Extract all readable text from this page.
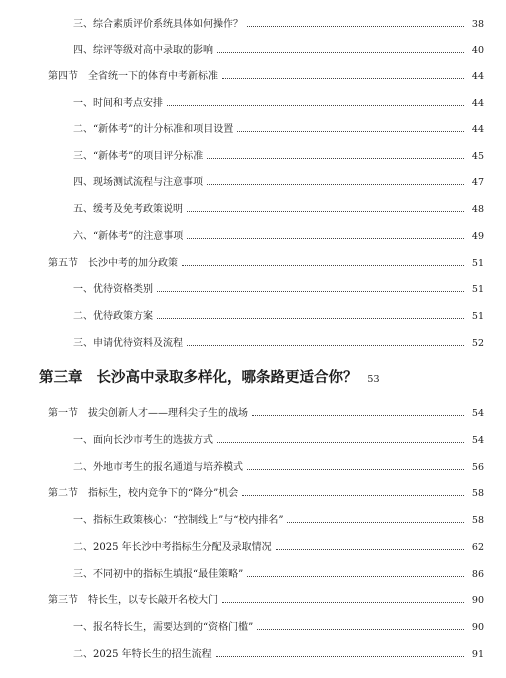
三、综合素质评价系统具体如何操作？	38
四、综评等级对高中录取的影响	40
第四节 全省统一下的体育中考新标准	44
一、时间和考点安排	44
二、“新体考”的计分标准和项目设置	44
三、“新体考”的项目评分标准	45
四、现场测试流程与注意事项	47
五、缓考及免考政策说明	48
六、“新体考”的注意事项	49
第五节 长沙中考的加分政策	51
一、优待资格类别	51
二、优待政策方案	51
三、申请优待资料及流程	52
第三章 长沙高中录取多样化，哪条路更适合你？	53
第一节 拔尖创新人才——理科尖子生的战场	54
一、面向长沙市考生的选拔方式	54
二、外地市考生的报名通道与培养模式	56
第二节 指标生，校内竞争下的“降分”机会	58
一、指标生政策核心：“控制线上”与“校内排名”	58
二、2025 年长沙中考指标生分配及录取情况	62
三、不同初中的指标生填报“最佳策略”	86
第三节 特长生，以专长敲开名校大门	90
一、报名特长生，需要达到的“资格门槛”	90
二、2025 年特长生的招生流程	91
